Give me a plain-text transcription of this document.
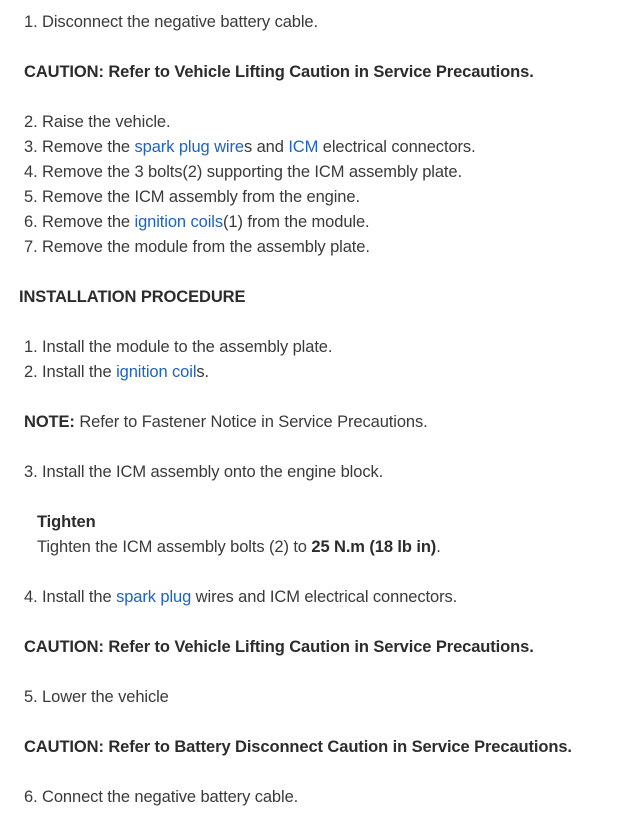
1. Disconnect the negative battery cable.
CAUTION: Refer to Vehicle Lifting Caution in Service Precautions.
2. Raise the vehicle.
3. Remove the spark plug wires and ICM electrical connectors.
4. Remove the 3 bolts(2) supporting the ICM assembly plate.
5. Remove the ICM assembly from the engine.
6. Remove the ignition coils(1) from the module.
7. Remove the module from the assembly plate.
INSTALLATION PROCEDURE
1. Install the module to the assembly plate.
2. Install the ignition coils.
NOTE: Refer to Fastener Notice in Service Precautions.
3. Install the ICM assembly onto the engine block.
Tighten
Tighten the ICM assembly bolts (2) to 25 N.m (18 lb in).
4. Install the spark plug wires and ICM electrical connectors.
CAUTION: Refer to Vehicle Lifting Caution in Service Precautions.
5. Lower the vehicle
CAUTION: Refer to Battery Disconnect Caution in Service Precautions.
6. Connect the negative battery cable.
